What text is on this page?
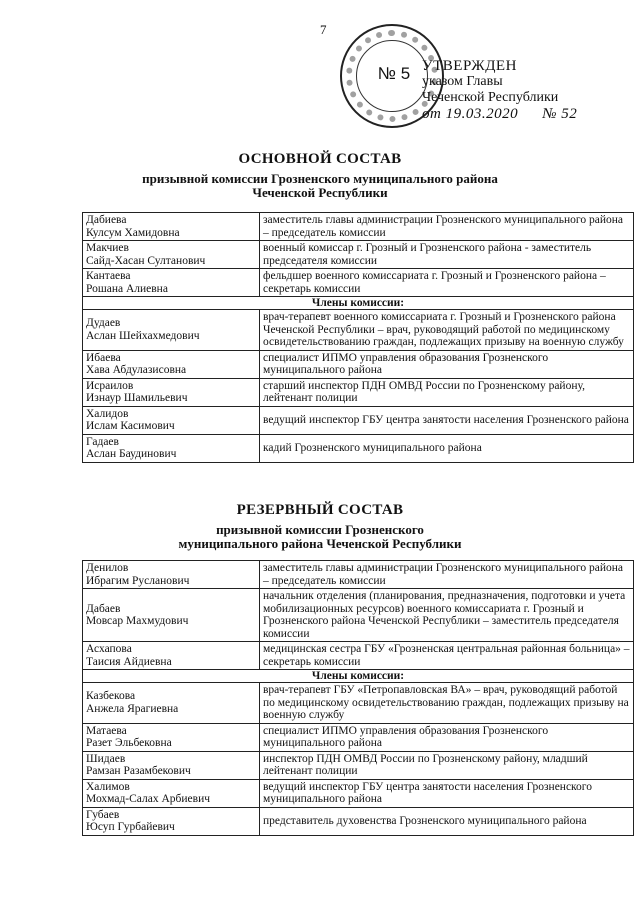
7
№ 5 УТВЕРЖДЕН
указом Главы
Чеченской Республики
от 19.03.2020 № 52
ОСНОВНОЙ СОСТАВ
призывной комиссии Грозненского муниципального района
Чеченской Республики
Дабиева
Кулсум Хамидовна	заместитель главы администрации Грозненского муниципального района – председатель комиссии

Макчиев
Сайд-Хасан Султанович	военный комиссар г. Грозный и Грозненского района - заместитель председателя комиссии

Кантаева
Рошана Алиевна	фельдшер военного комиссариата г. Грозный и Грозненского района – секретарь комиссии
Члены комиссии:	

Дудаев
Аслан Шейхахмедович	врач-терапевт военного комиссариата г. Грозный и Грозненского района Чеченской Республики – врач, руководящий работой по медицинскому освидетельствованию граждан, подлежащих призыву на военную службу

Ибаева
Хава Абдулазисовна	специалист ИПМО управления образования Грозненского муниципального района

Исраилов
Изнаур Шамильевич	старший инспектор ПДН ОМВД России по Грозненскому району, лейтенант полиции

Халидов
Ислам Касимович	ведущий инспектор ГБУ центра занятости населения Грозненского района

Гадаев
Аслан Баудинович	кадий Грозненского муниципального района
РЕЗЕРВНЫЙ СОСТАВ
призывной комиссии Грозненского
муниципального района Чеченской Республики
Денилов
Ибрагим Русланович	заместитель главы администрации Грозненского муниципального района – председатель комиссии

Дабаев
Мовсар Махмудович	начальник отделения (планирования, предназначения, подготовки и учета мобилизационных ресурсов) военного комиссариата г. Грозный и Грозненского района Чеченской Республики – заместитель председателя комиссии

Асхапова
Таисия Айдиевна	медицинская сестра ГБУ «Грозненская центральная районная больница» – секретарь комиссии
Члены комиссии:	

Казбекова
Анжела Ярагиевна	врач-терапевт ГБУ «Петропавловская ВА» – врач, руководящий работой по медицинскому освидетельствованию граждан, подлежащих призыву на военную службу

Матаева
Разет Эльбековна	специалист ИПМО управления образования Грозненского муниципального района

Шидаев
Рамзан Разамбекович	инспектор ПДН ОМВД России по Грозненскому району, младший лейтенант полиции

Халимов
Мохмад-Салах Арбиевич	ведущий инспектор ГБУ центра занятости населения Грозненского муниципального района

Губаев
Юсуп Гурбайевич	представитель духовенства Грозненского муниципального района
